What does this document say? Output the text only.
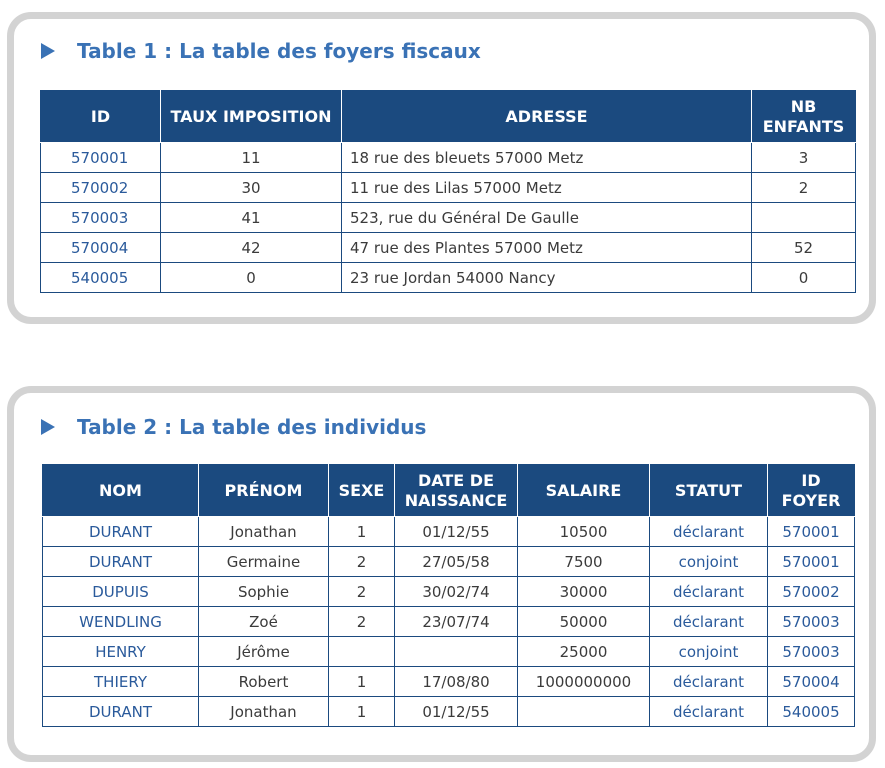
Table 1 : La table des foyers fiscaux
ID	TAUX IMPOSITION	ADRESSE	NB ENFANTS
570001	11	18 rue des bleuets 57000 Metz	3
570002	30	11 rue des Lilas 57000 Metz	2
570003	41	523, rue du Général De Gaulle	
570004	42	47 rue des Plantes 57000 Metz	52
540005	0	23 rue Jordan 54000 Nancy	0
Table 2 : La table des individus
NOM	PRÉNOM	SEXE	DATE DE NAISSANCE	SALAIRE	STATUT	ID FOYER
DURANT	Jonathan	1	01/12/55	10500	déclarant	570001
DURANT	Germaine	2	27/05/58	7500	conjoint	570001
DUPUIS	Sophie	2	30/02/74	30000	déclarant	570002
WENDLING	Zoé	2	23/07/74	50000	déclarant	570003
HENRY	Jérôme			25000	conjoint	570003
THIERY	Robert	1	17/08/80	1000000000	déclarant	570004
DURANT	Jonathan	1	01/12/55		déclarant	540005
